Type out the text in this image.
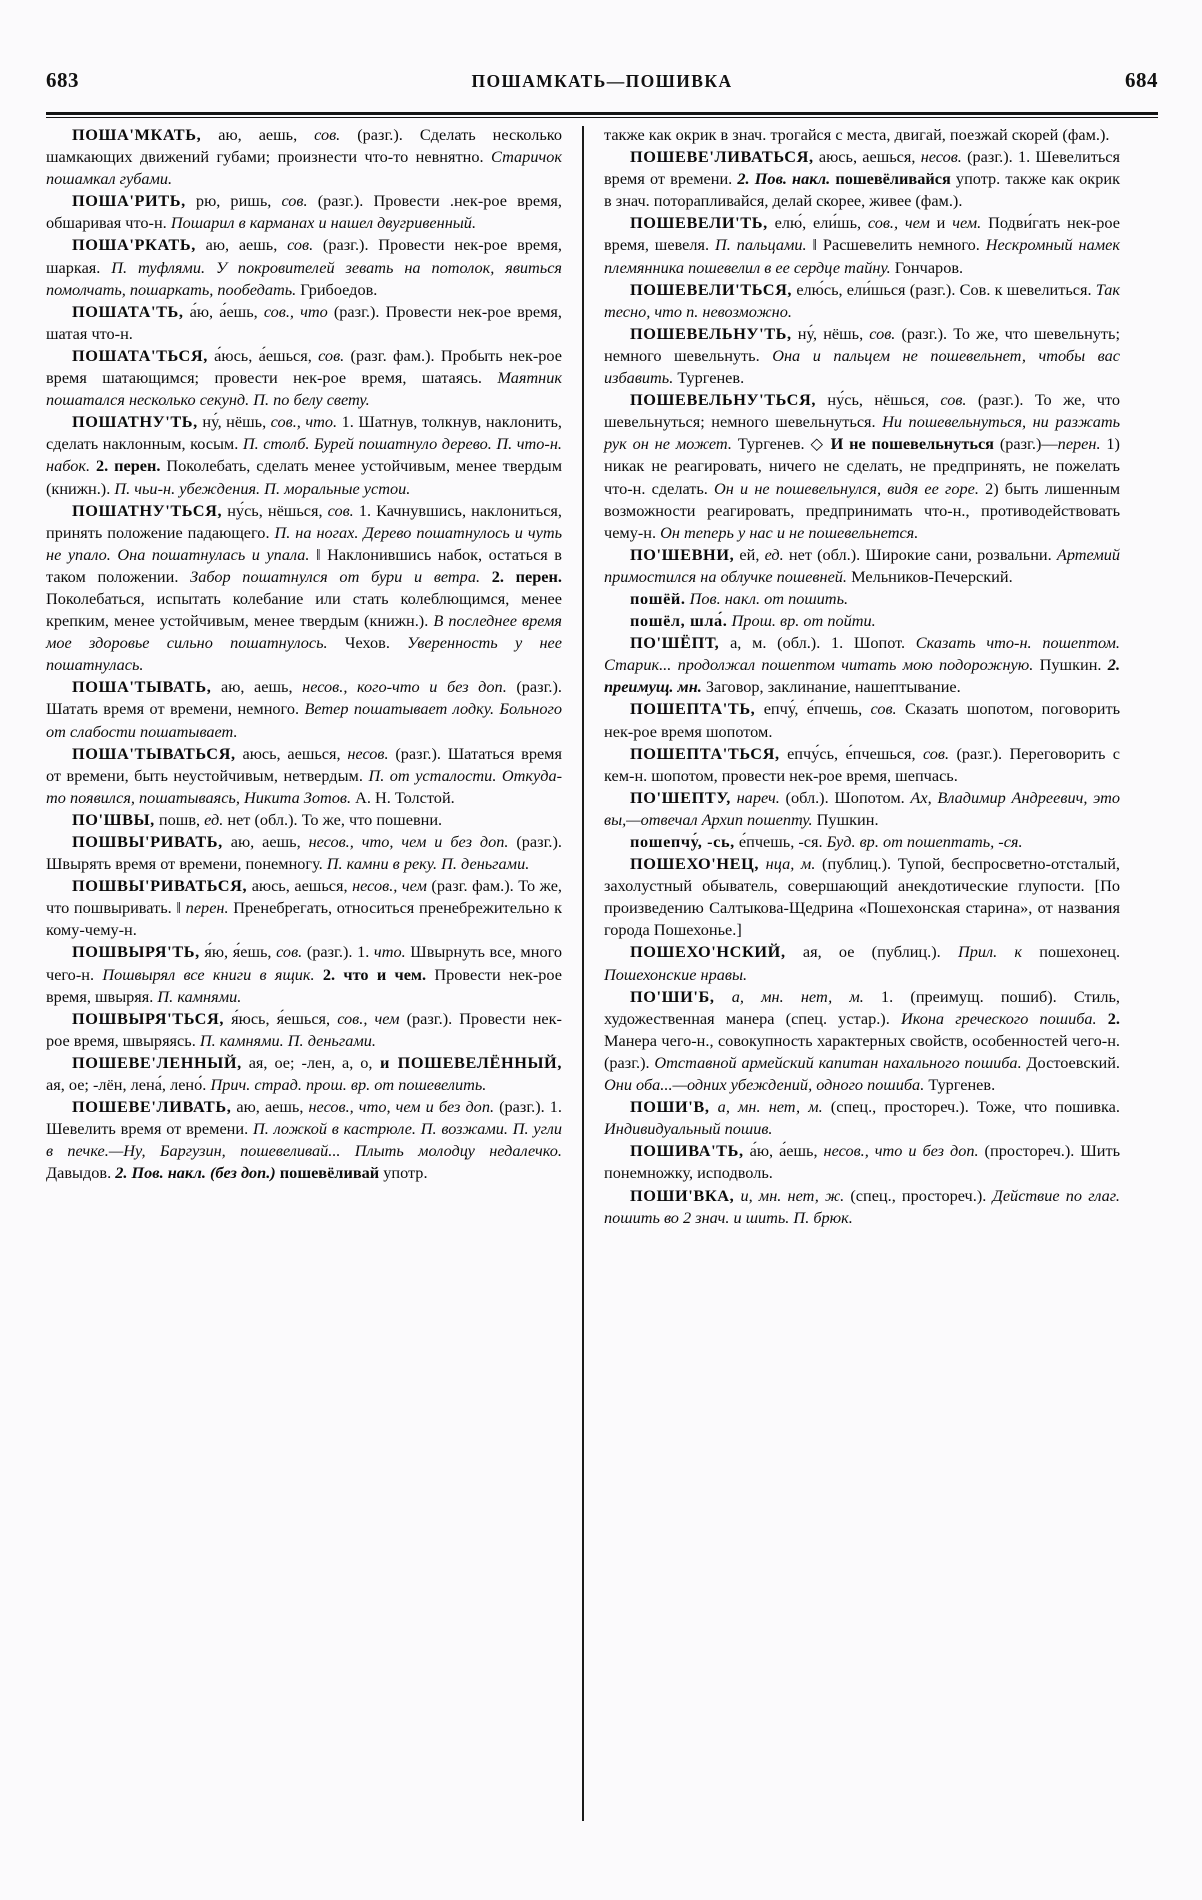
683	ПОШАМКАТЬ—ПОШИВКА	684

ПОША'МКАТЬ, аю, аешь, сов. (разг.). Сделать несколько шамкающих движений губами; произнести что-то невнятно. Старичок пошамкал губами.

ПОША'РИТЬ, рю, ришь, сов. (разг.). Провести .нек-рое время, обшаривая что-н. Пошарил в карманах и нашел двугривенный.

ПОША'РКАТЬ, аю, аешь, сов. (разг.). Провести нек-рое время, шаркая. П. туфлями. У покровителей зевать на потолок, явиться помолчать, пошаркать, пообедать. Грибоедов.

ПОШАТА'ТЬ, а́ю, а́ешь, сов., что (разг.). Провести нек-рое время, шатая что-н.

ПОШАТА'ТЬСЯ, а́юсь, а́ешься, сов. (разг. фам.). Пробыть нек-рое время шатающимся; провести нек-рое время, шатаясь. Маятник пошатался несколько секунд. П. по белу свету.

ПОШАТНУ'ТЬ, ну́, нёшь, сов., что. 1. Шатнув, толкнув, наклонить, сделать наклонным, косым. П. столб. Бурей пошатнуло дерево. П. что-н. набок. 2. перен. Поколебать, сделать менее устойчивым, менее твердым (книжн.). П. чьи-н. убеждения. П. моральные устои.

ПОШАТНУ'ТЬСЯ, ну́сь, нёшься, сов. 1. Качнувшись, наклониться, принять положение падающего. П. на ногах. Дерево пошатнулось и чуть не упало. Она пошатнулась и упала. ‖ Наклонившись набок, остаться в таком положении. Забор пошатнулся от бури и ветра. 2. перен. Поколебаться, испытать колебание или стать колеблющимся, менее крепким, менее устойчивым, менее твердым (книжн.). В последнее время мое здоровье сильно пошатнулось. Чехов. Уверенность у нее пошатнулась.

ПОША'ТЫВАТЬ, аю, аешь, несов., кого-что и без доп. (разг.). Шатать время от времени, немного. Ветер пошатывает лодку. Больного от слабости пошатывает.

ПОША'ТЫВАТЬСЯ, аюсь, аешься, несов. (разг.). Шататься время от времени, быть неустойчивым, нетвердым. П. от усталости. Откуда-то появился, пошатываясь, Никита Зотов. А. Н. Толстой.

ПО'ШВЫ, пошв, ед. нет (обл.). То же, что пошевни.

ПОШВЫ'РИВАТЬ, аю, аешь, несов., что, чем и без доп. (разг.). Швырять время от времени, понемногу. П. камни в реку. П. деньгами.

ПОШВЫ'РИВАТЬСЯ, аюсь, аешься, несов., чем (разг. фам.). То же, что пошвыривать. ‖ перен. Пренебрегать, относиться пренебрежительно к кому-чему-н.

ПОШВЫРЯ'ТЬ, я́ю, я́ешь, сов. (разг.). 1. что. Швырнуть все, много чего-н. Пошвырял все книги в ящик. 2. что и чем. Провести нек-рое время, швыряя. П. камнями.

ПОШВЫРЯ'ТЬСЯ, я́юсь, я́ешься, сов., чем (разг.). Провести нек-рое время, швыряясь. П. камнями. П. деньгами.

ПОШЕВЕ'ЛЕННЫЙ, ая, ое; -лен, а, о, и ПОШЕВЕЛЁННЫЙ, ая, ое; -лён, лена́, лено́. Прич. страд. прош. вр. от пошевелить.

ПОШЕВЕ'ЛИВАТЬ, аю, аешь, несов., что, чем и без доп. (разг.). 1. Шевелить время от времени. П. ложкой в кастрюле. П. возжами. П. угли в печке.—Ну, Баргузин, пошевеливай... Плыть молодцу недалечко. Давыдов. 2. Пов. накл. (без доп.) пошевёливай употр.

также как окрик в знач. трогайся с места, двигай, поезжай скорей (фам.).

ПОШЕВЕ'ЛИВАТЬСЯ, аюсь, аешься, несов. (разг.). 1. Шевелиться время от времени. 2. Пов. накл. пошевёливайся употр. также как окрик в знач. поторапливайся, делай скорее, живее (фам.).

ПОШЕВЕЛИ'ТЬ, елю́, ели́шь, сов., чем и чем. Подви́гать нек-рое время, шевеля. П. пальцами. ‖ Расшевелить немного. Нескромный намек племянника пошевелил в ее сердце тайну. Гончаров.

ПОШЕВЕЛИ'ТЬСЯ, елю́сь, ели́шься (разг.). Сов. к шевелиться. Так тесно, что п. невозможно.

ПОШЕВЕЛЬНУ'ТЬ, ну́, нёшь, сов. (разг.). То же, что шевельнуть; немного шевельнуть. Она и пальцем не пошевельнет, чтобы вас избавить. Тургенев.

ПОШЕВЕЛЬНУ'ТЬСЯ, ну́сь, нёшься, сов. (разг.). То же, что шевельнуться; немного шевельнуться. Ни пошевельнуться, ни разжать рук он не может. Тургенев. ◇ И не пошевельнуться (разг.)—перен. 1) никак не реагировать, ничего не сделать, не предпринять, не пожелать что-н. сделать. Он и не пошевельнулся, видя ее горе. 2) быть лишенным возможности реагировать, предпринимать что-н., противодействовать чему-н. Он теперь у нас и не пошевельнется.

ПО'ШЕВНИ, ей, ед. нет (обл.). Широкие сани, розвальни. Артемий примостился на облучке пошевней. Мельников-Печерский.

пошёй. Пов. накл. от пошить.

пошёл, шла́. Прош. вр. от пойти.

ПО'ШЁПТ, а, м. (обл.). 1. Шопот. Сказать что-н. пошептом. Старик... продолжал пошептом читать мою подорожную. Пушкин. 2. преимущ. мн. Заговор, заклинание, нашептывание.

ПОШЕПТА'ТЬ, епчу́, е́пчешь, сов. Сказать шопотом, поговорить нек-рое время шопотом.

ПОШЕПТА'ТЬСЯ, епчу́сь, е́пчешься, сов. (разг.). Переговорить с кем-н. шопотом, провести нек-рое время, шепчась.

ПО'ШЕПТУ, нареч. (обл.). Шопотом. Ах, Владимир Андреевич, это вы,—отвечал Архип пошепту. Пушкин.

пошепчу́, -сь, е́пчешь, -ся. Буд. вр. от пошептать, -ся.

ПОШЕХО'НЕЦ, нца, м. (публиц.). Тупой, беспросветно-отсталый, захолустный обыватель, совершающий анекдотические глупости. [По произведению Салтыкова-Щедрина «Пошехонская старина», от названия города Пошехонье.]

ПОШЕХО'НСКИЙ, ая, ое (публиц.). Прил. к пошехонец. Пошехонские нравы.

ПО'ШИ'Б, а, мн. нет, м. 1. (преимущ. пошиб). Стиль, художественная манера (спец. устар.). Икона греческого пошиба. 2. Манера чего-н., совокупность характерных свойств, особенностей чего-н. (разг.). Отставной армейский капитан нахального пошиба. Достоевский. Они оба...—одних убеждений, одного пошиба. Тургенев.

ПОШИ'В, а, мн. нет, м. (спец., простореч.). Тоже, что пошивка. Индивидуальный пошив.

ПОШИВА'ТЬ, а́ю, а́ешь, несов., что и без доп. (простореч.). Шить понемножку, исподволь.

ПОШИ'ВКА, и, мн. нет, ж. (спец., простореч.). Действие по глаг. пошить во 2 знач. и шить. П. брюк.
